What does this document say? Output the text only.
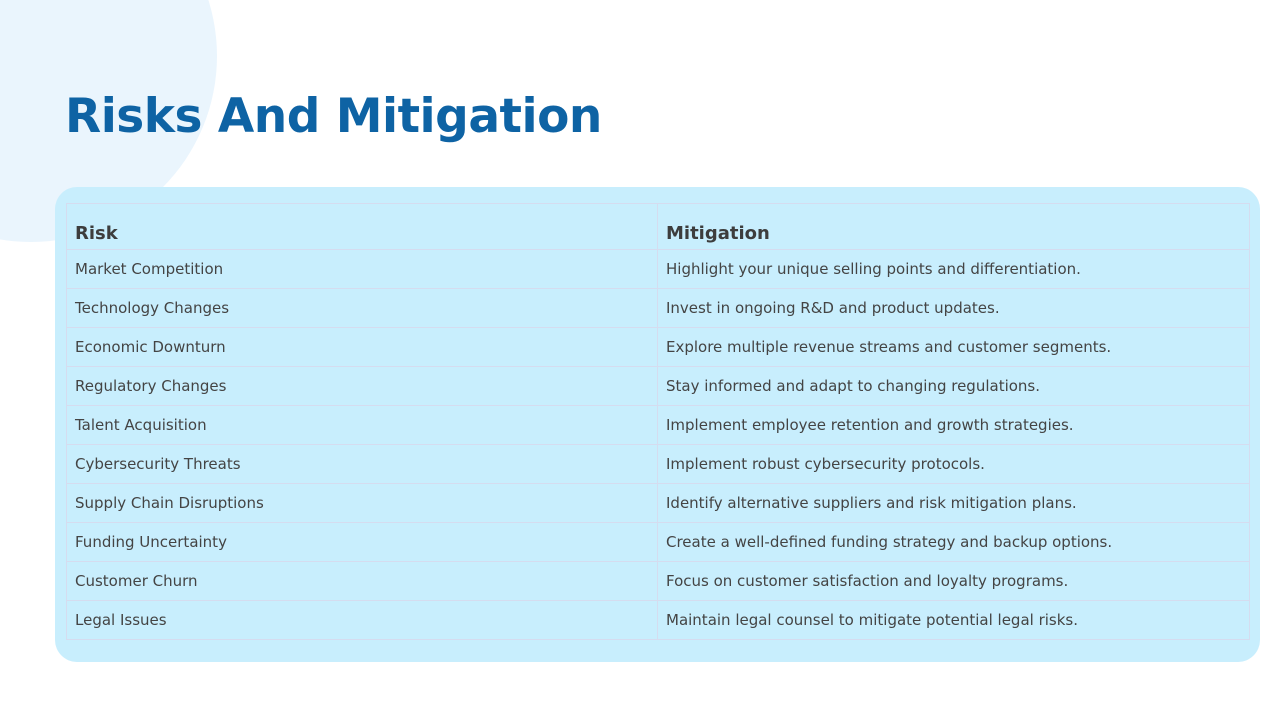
Risks And Mitigation
Risk	Mitigation
Market Competition	Highlight your unique selling points and differentiation.
Technology Changes	Invest in ongoing R&D and product updates.
Economic Downturn	Explore multiple revenue streams and customer segments.
Regulatory Changes	Stay informed and adapt to changing regulations.
Talent Acquisition	Implement employee retention and growth strategies.
Cybersecurity Threats	Implement robust cybersecurity protocols.
Supply Chain Disruptions	Identify alternative suppliers and risk mitigation plans.
Funding Uncertainty	Create a well-defined funding strategy and backup options.
Customer Churn	Focus on customer satisfaction and loyalty programs.
Legal Issues	Maintain legal counsel to mitigate potential legal risks.
